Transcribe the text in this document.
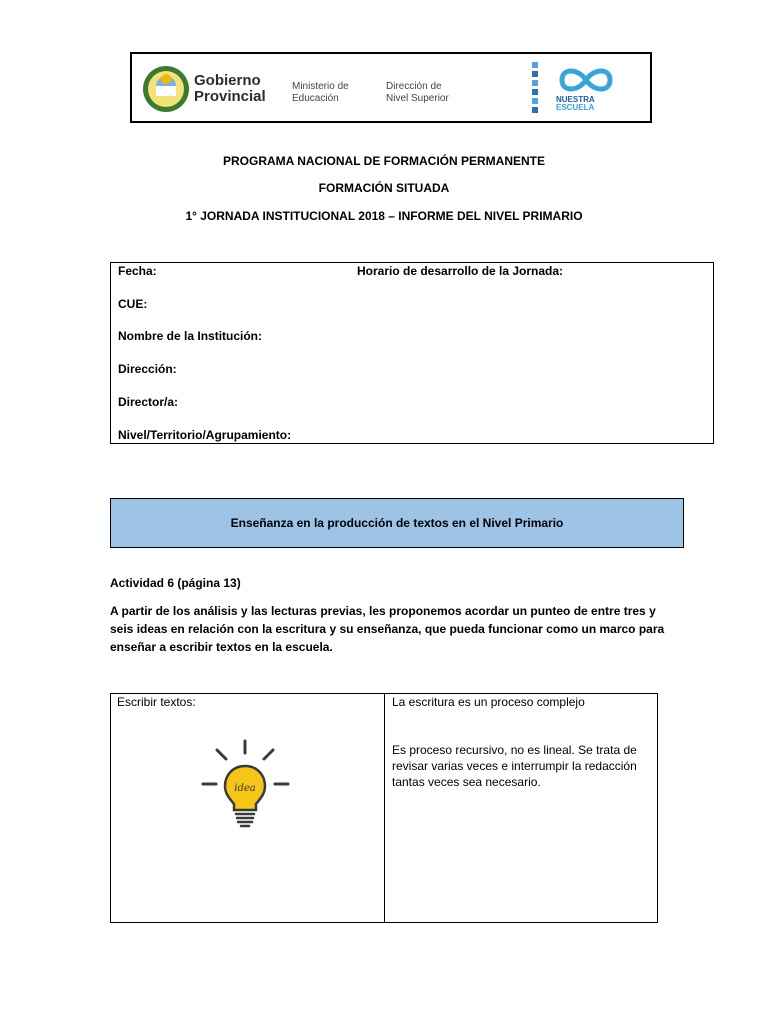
Gobierno
Provincial
Ministerio de
Educación
Dirección de
Nivel Superior	NUESTRA
ESCUELA
PROGRAMA NACIONAL DE FORMACIÓN PERMANENTE
FORMACIÓN SITUADA
1° JORNADA INSTITUCIONAL 2018 – INFORME DEL NIVEL PRIMARIO
Fecha:	Horario de desarrollo de la Jornada:
CUE:
Nombre de la Institución:
Dirección:
Director/a:
Nivel/Territorio/Agrupamiento:
Enseñanza en la producción de textos en el Nivel Primario
Actividad 6 (página 13)
A partir de los análisis y las lecturas previas, les proponemos acordar un punteo de entre tres y seis ideas en relación con la escritura y su enseñanza, que pueda funcionar como un marco para enseñar a escribir textos en la escuela.
Escribir textos:
idea
La escritura es un proceso complejo
Es proceso recursivo, no es lineal. Se trata de revisar varias veces e interrumpir la redacción tantas veces sea necesario.
